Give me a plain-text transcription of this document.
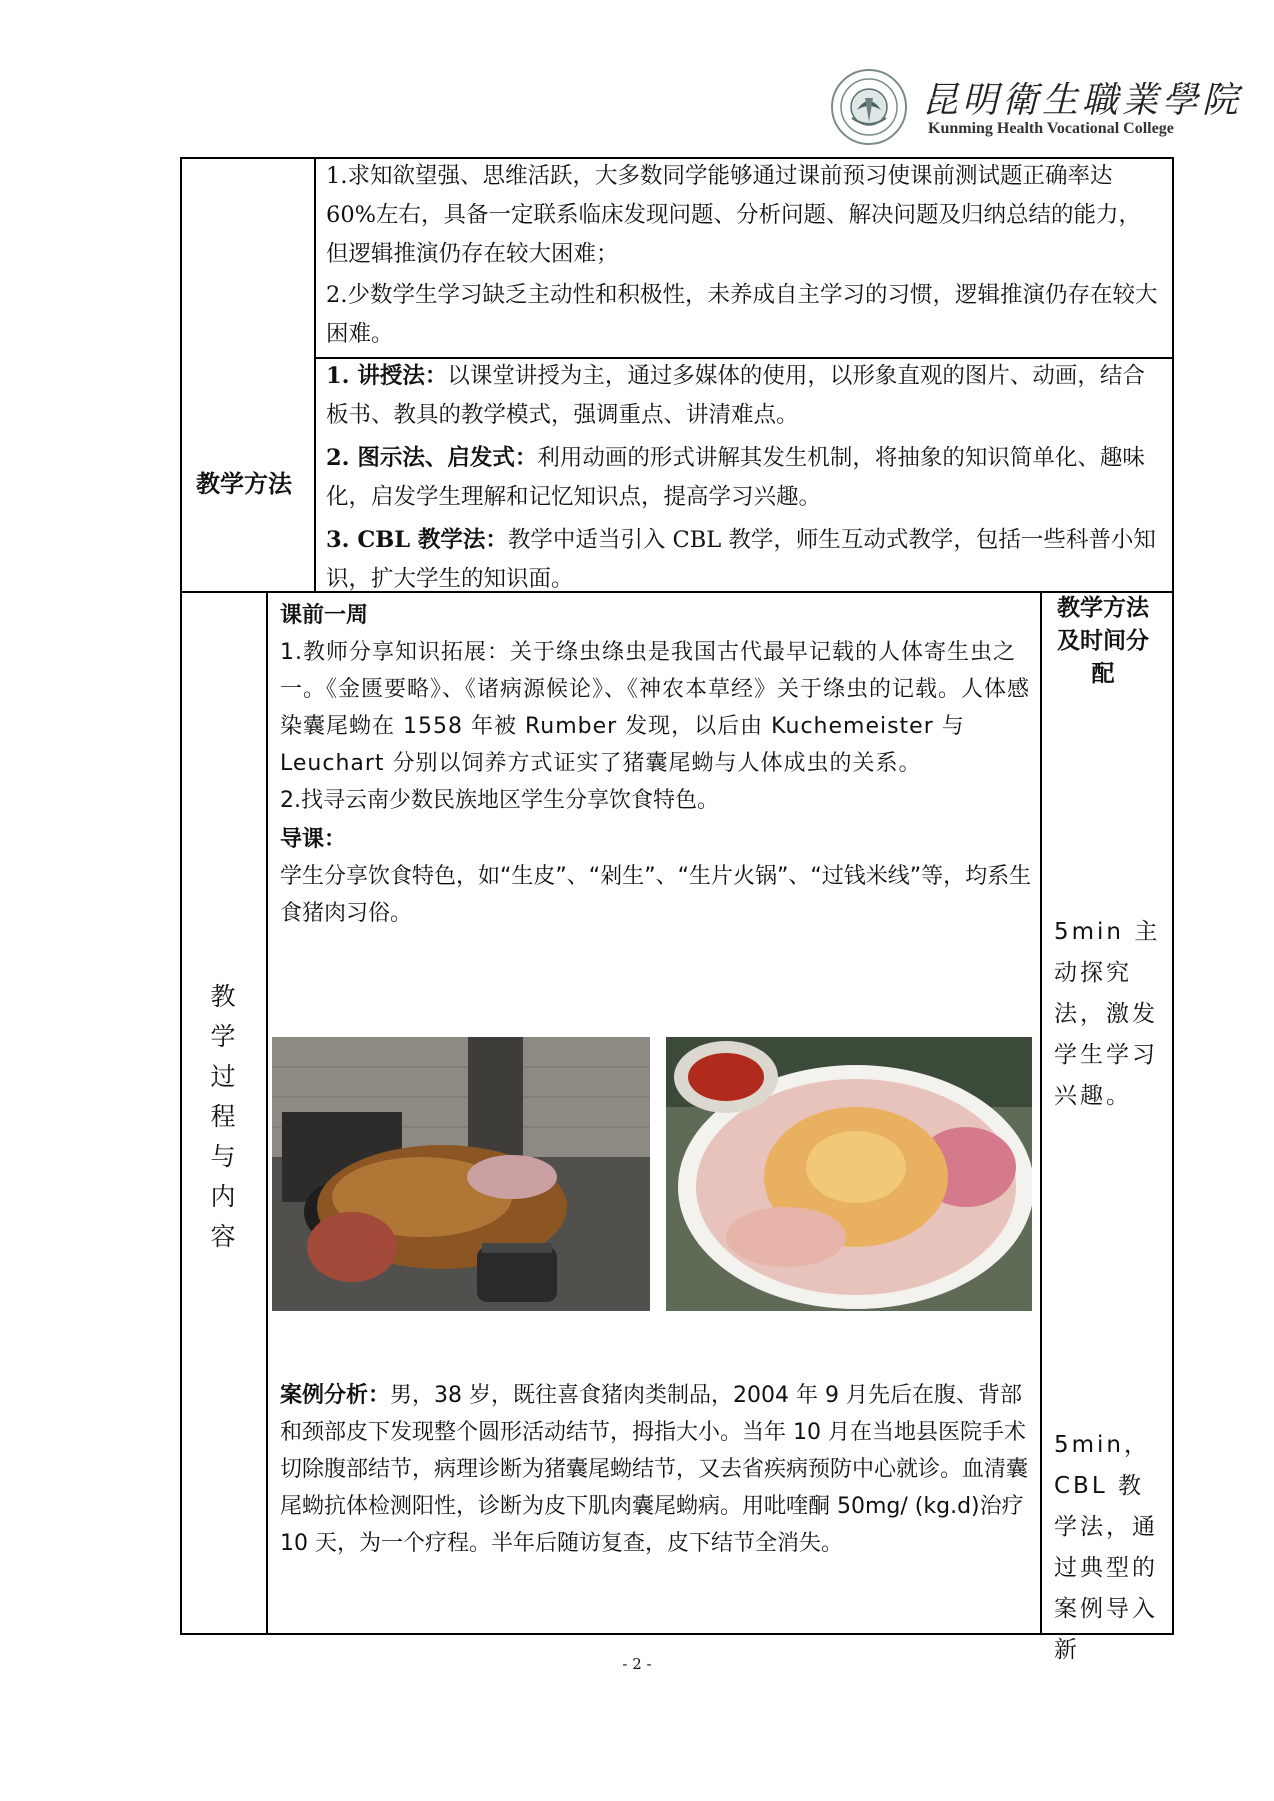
昆明衛生職業學院
Kunming Health Vocational College

1.求知欲望强、思维活跃，大多数同学能够通过课前预习使课前测试题正确率达 60%左右，具备一定联系临床发现问题、分析问题、解决问题及归纳总结的能力，但逻辑推演仍存在较大困难；

2.少数学生学习缺乏主动性和积极性，未养成自主学习的习惯，逻辑推演仍存在较大困难。

教学方法

1. 讲授法：以课堂讲授为主，通过多媒体的使用，以形象直观的图片、动画，结合板书、教具的教学模式，强调重点、讲清难点。

2. 图示法、启发式：利用动画的形式讲解其发生机制，将抽象的知识简单化、趣味化，启发学生理解和记忆知识点，提高学习兴趣。

3. CBL 教学法：教学中适当引入 CBL 教学，师生互动式教学，包括一些科普小知识，扩大学生的知识面。

教学过程与内容
教学方法及时间分配

课前一周

1.教师分享知识拓展：关于绦虫绦虫是我国古代最早记载的人体寄生虫之一。《金匮要略》、《诸病源候论》、《神农本草经》关于绦虫的记载。人体感染囊尾蚴在 1558 年被 Rumber 发现，以后由 Kuchemeister 与 Leuchart 分别以饲养方式证实了猪囊尾蚴与人体成虫的关系。

2.找寻云南少数民族地区学生分享饮食特色。

导课：

学生分享饮食特色，如“生皮”、“剁生”、“生片火锅”、“过钱米线”等，均系生食猪肉习俗。

案例分析：男，38 岁，既往喜食猪肉类制品，2004 年 9 月先后在腹、背部和颈部皮下发现整个圆形活动结节，拇指大小。当年 10 月在当地县医院手术切除腹部结节，病理诊断为猪囊尾蚴结节，又去省疾病预防中心就诊。血清囊尾蚴抗体检测阳性，诊断为皮下肌肉囊尾蚴病。用吡喹酮 50mg/ (kg.d)治疗 10 天，为一个疗程。半年后随访复查，皮下结节全消失。

5min 主动探究法，激发学生学习兴趣。
5min，CBL 教学法，通过典型的案例导入新
- 2 -
